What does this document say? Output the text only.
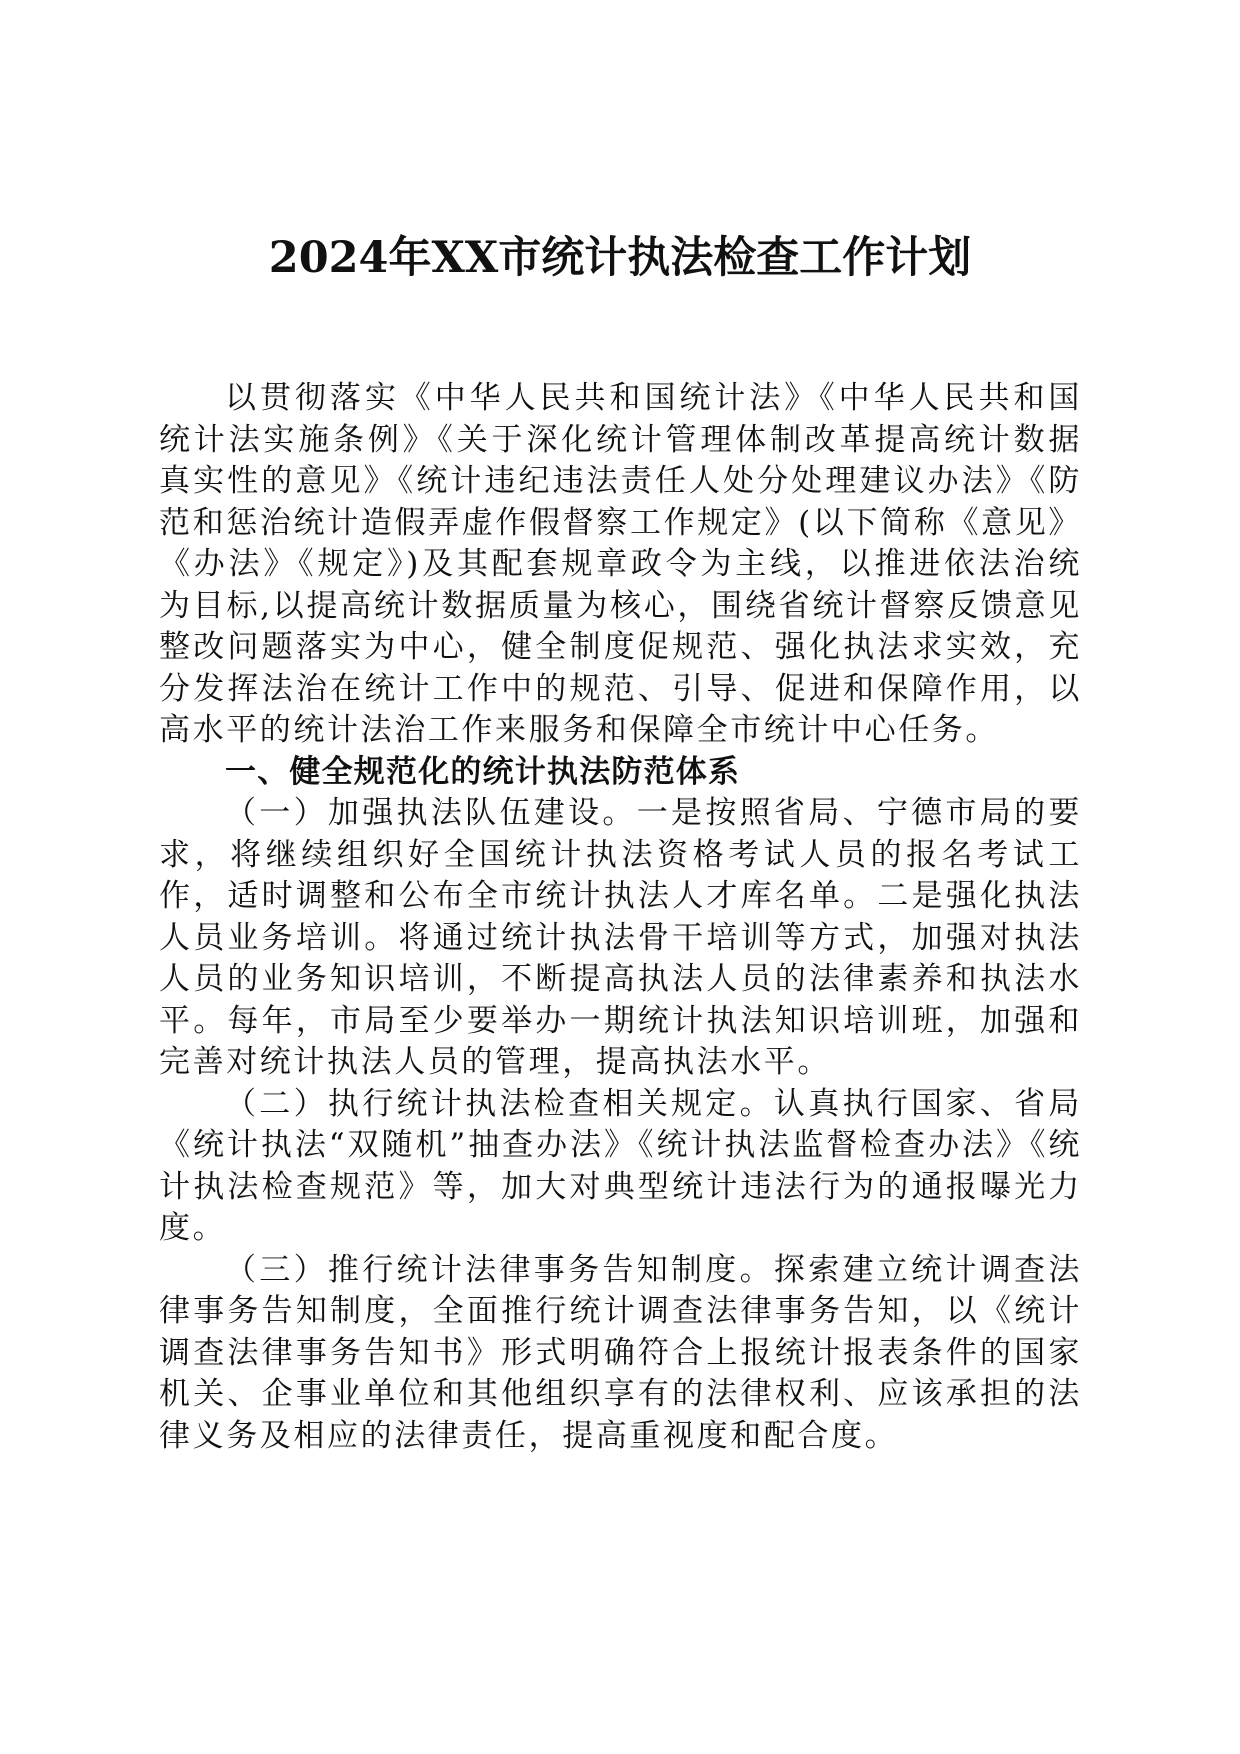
2024年XX市统计执法检查工作计划

以贯彻落实《中华人民共和国统计法》《中华人民共和国统计法实施条例》《关于深化统计管理体制改革提高统计数据真实性的意见》《统计违纪违法责任人处分处理建议办法》《防范和惩治统计造假弄虚作假督察工作规定》(以下简称《意见》《办法》《规定》)及其配套规章政令为主线，以推进依法治统为目标,以提高统计数据质量为核心，围绕省统计督察反馈意见整改问题落实为中心，健全制度促规范、强化执法求实效，充分发挥法治在统计工作中的规范、引导、促进和保障作用，以高水平的统计法治工作来服务和保障全市统计中心任务。

一、健全规范化的统计执法防范体系

（一）加强执法队伍建设。一是按照省局、宁德市局的要求，将继续组织好全国统计执法资格考试人员的报名考试工作，适时调整和公布全市统计执法人才库名单。二是强化执法人员业务培训。将通过统计执法骨干培训等方式，加强对执法人员的业务知识培训，不断提高执法人员的法律素养和执法水平。每年，市局至少要举办一期统计执法知识培训班，加强和完善对统计执法人员的管理，提高执法水平。

（二）执行统计执法检查相关规定。认真执行国家、省局《统计执法“双随机”抽查办法》《统计执法监督检查办法》《统计执法检查规范》等，加大对典型统计违法行为的通报曝光力度。

（三）推行统计法律事务告知制度。探索建立统计调查法律事务告知制度，全面推行统计调查法律事务告知，以《统计调查法律事务告知书》形式明确符合上报统计报表条件的国家机关、企事业单位和其他组织享有的法律权利、应该承担的法律义务及相应的法律责任，提高重视度和配合度。
